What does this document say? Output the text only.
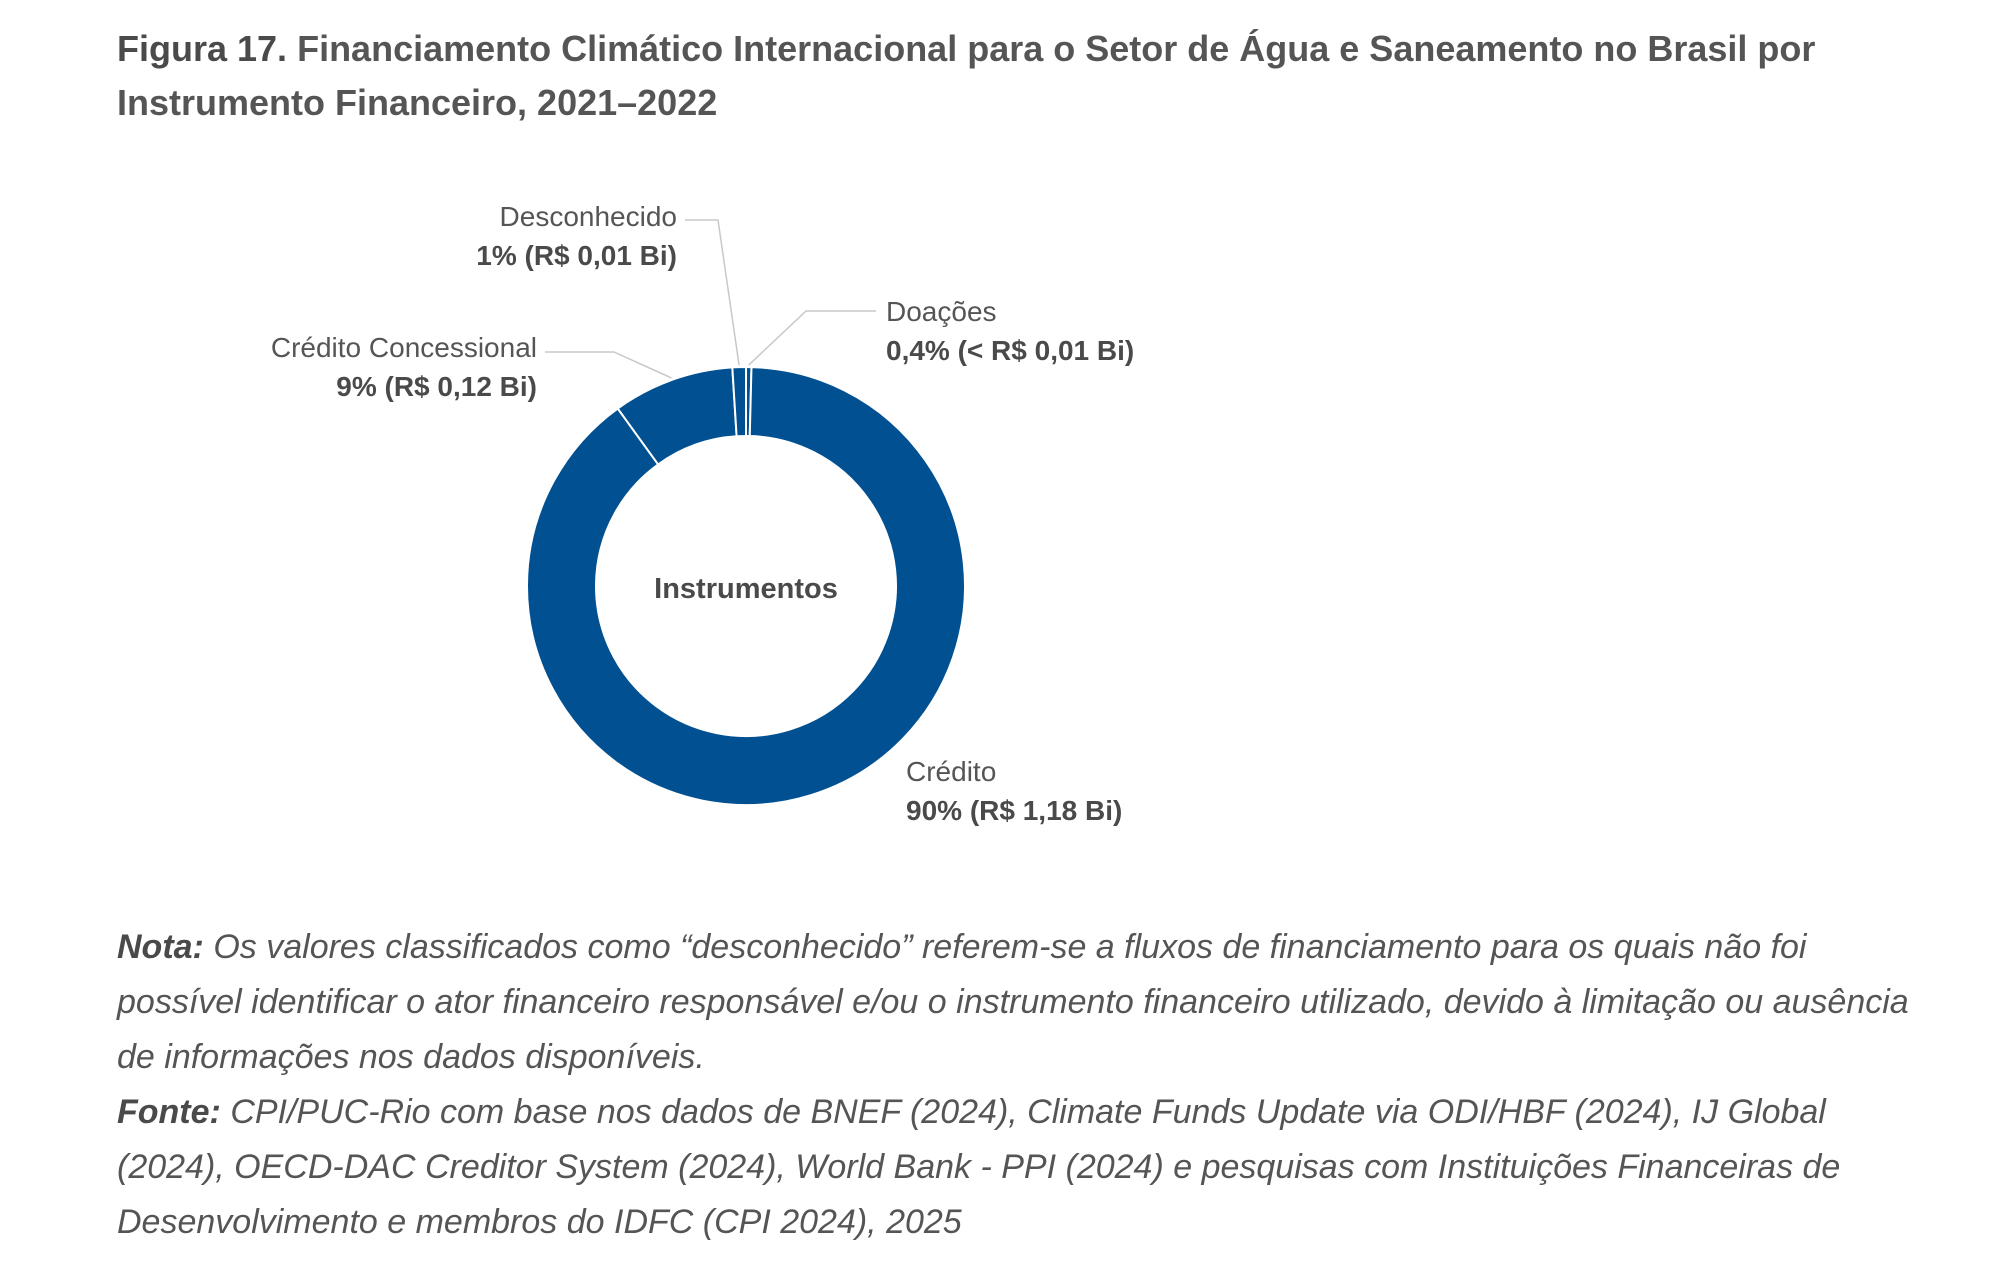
Figura 17. Financiamento Climático Internacional para o Setor de Água e Saneamento no Brasil por Instrumento Financeiro, 2021–2022
Instrumentos
Desconhecido
1% (R$ 0,01 Bi)
Doações
0,4% (< R$ 0,01 Bi)
Crédito Concessional
9% (R$ 0,12 Bi)
Crédito
90% (R$ 1,18 Bi)

Nota: Os valores classificados como “desconhecido” referem-se a fluxos de financiamento para os quais não foi possível identificar o ator financeiro responsável e/ou o instrumento financeiro utilizado, devido à limitação ou ausência de informações nos dados disponíveis.

Fonte: CPI/PUC-Rio com base nos dados de BNEF (2024), Climate Funds Update via ODI/HBF (2024), IJ Global (2024), OECD-DAC Creditor System (2024), World Bank - PPI (2024) e pesquisas com Instituições Financeiras de Desenvolvimento e membros do IDFC (CPI 2024), 2025
